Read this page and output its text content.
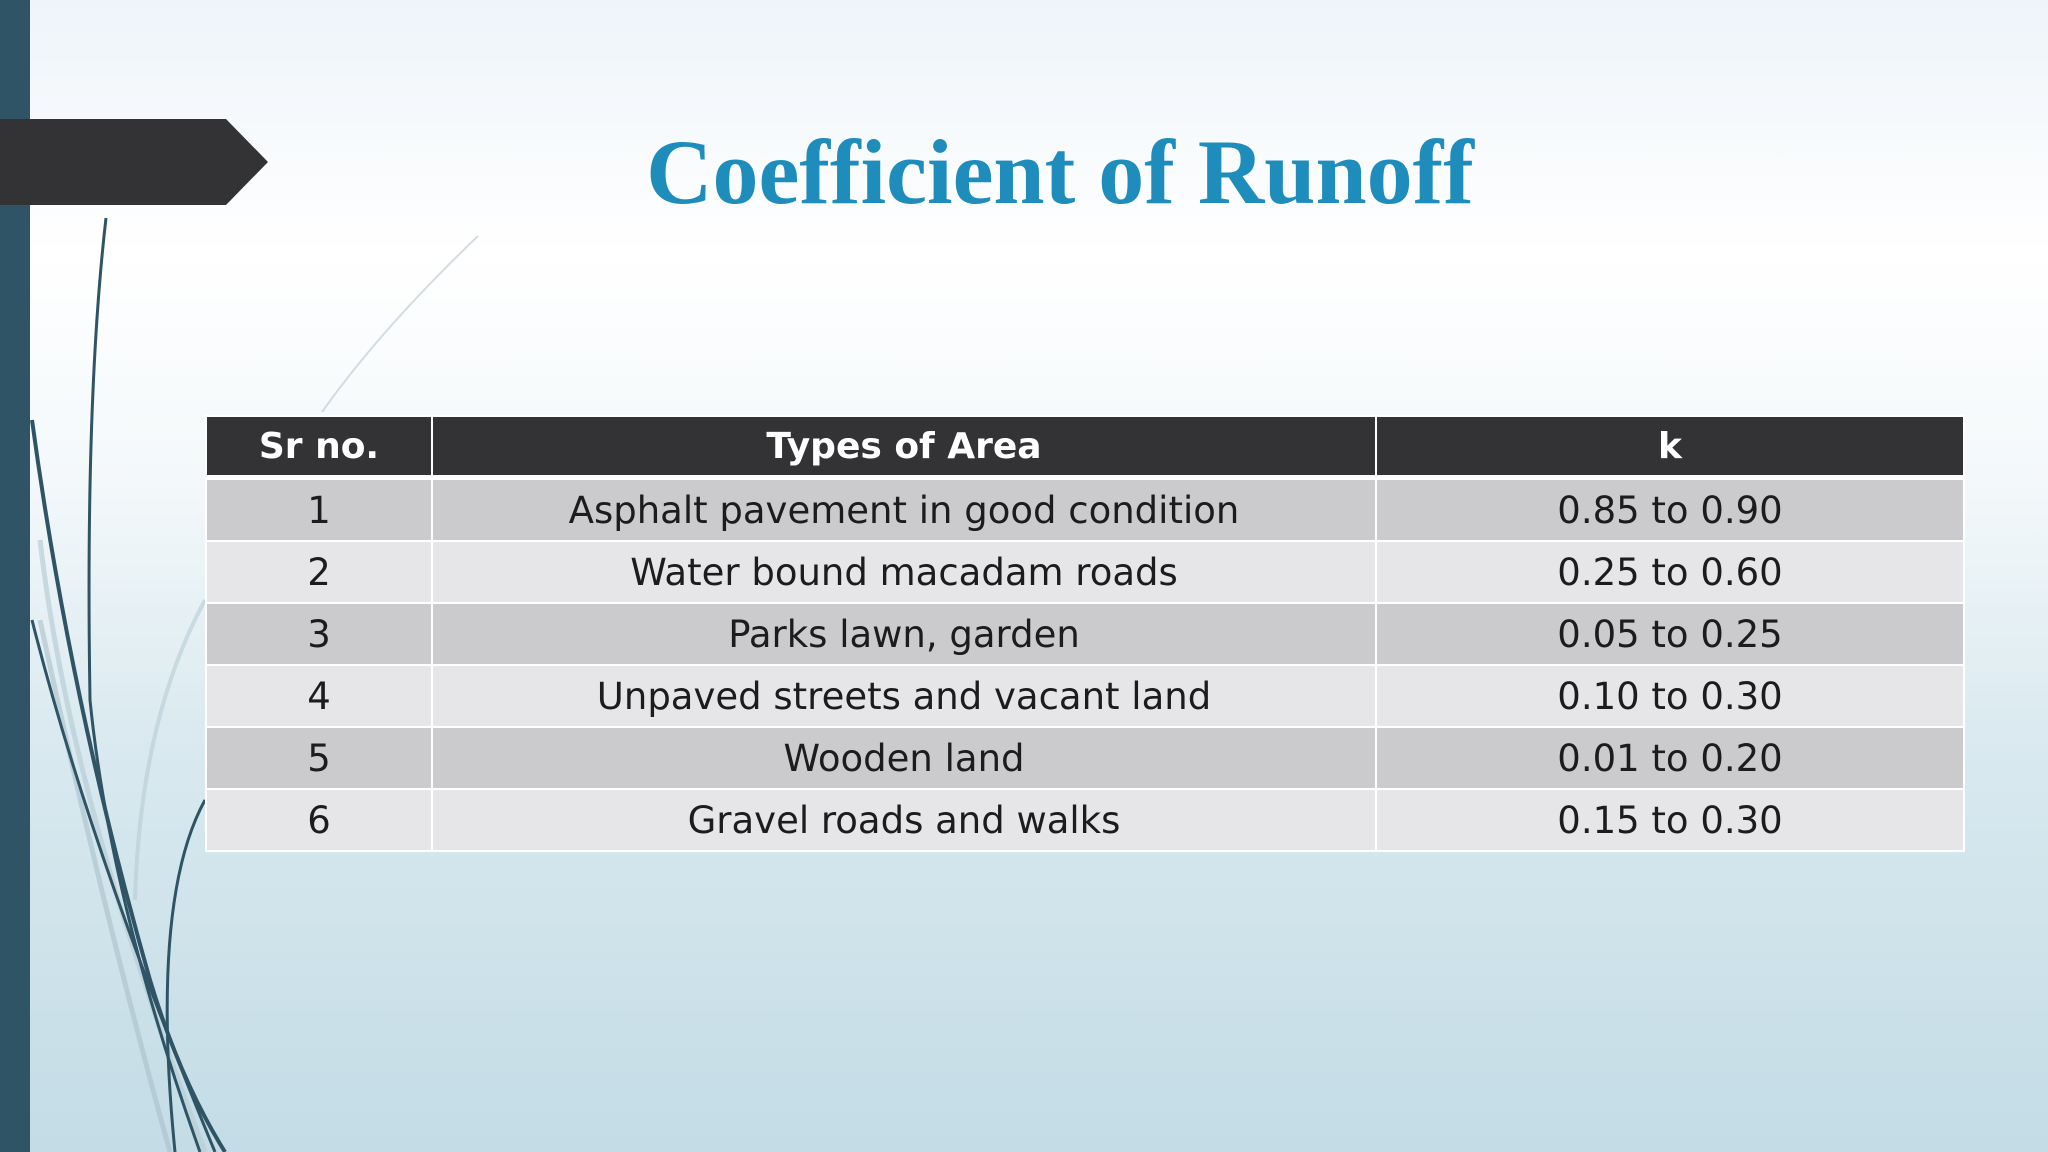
Coefficient of Runoff
Sr no.	Types of Area	k
1	Asphalt pavement in good condition	0.85 to 0.90
2	Water bound macadam roads	0.25 to 0.60
3	Parks lawn, garden	0.05 to 0.25
4	Unpaved streets and vacant land	0.10 to 0.30
5	Wooden land	0.01 to 0.20
6	Gravel roads and walks	0.15 to 0.30
